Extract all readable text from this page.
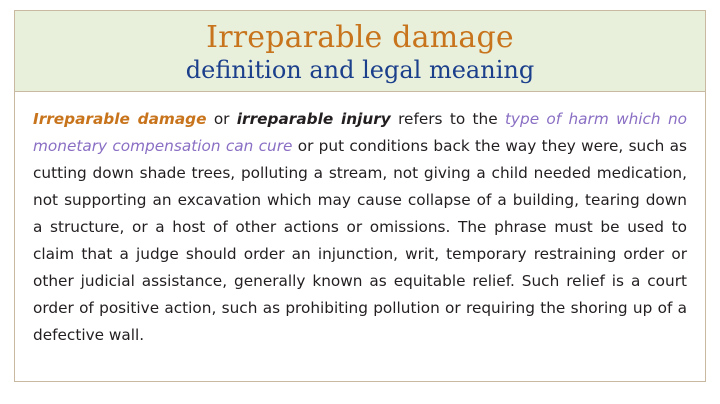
Irreparable damage
definition and legal meaning
Irreparable damage or irreparable injury refers to the type of harm which no monetary compensation can cure or put conditions back the way they were, such as cutting down shade trees, polluting a stream, not giving a child needed medication, not supporting an excavation which may cause collapse of a building, tearing down a structure, or a host of other actions or omissions. The phrase must be used to claim that a judge should order an injunction, writ, temporary restraining order or other judicial assistance, generally known as equitable relief. Such relief is a court order of positive action, such as prohibiting pollution or requiring the shoring up of a defective wall.
